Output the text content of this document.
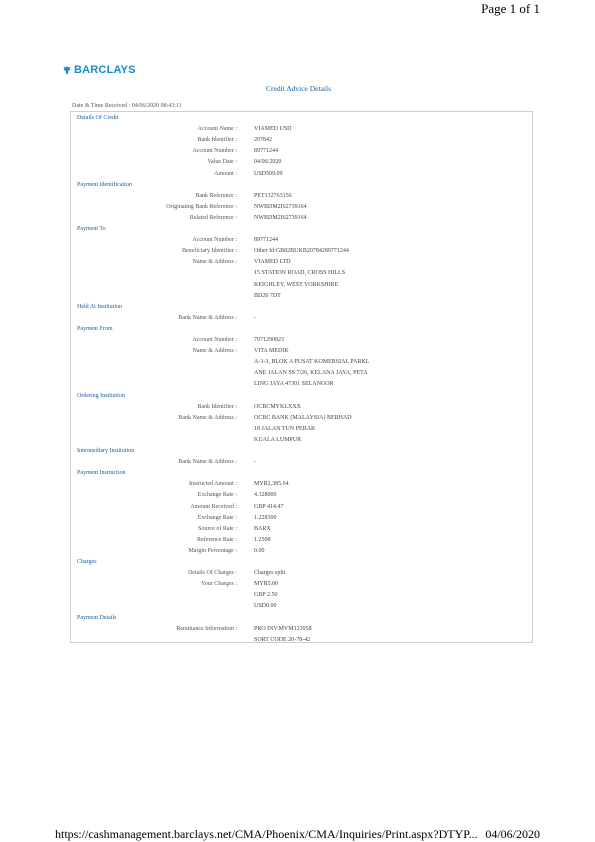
Page 1 of 1
BARCLAYS
Credit Advice Details
Date & Time Received : 04/06/2020 08:43:11
Details Of Credit
Account Name :	VIAMED USD
Bank Identifier :	207842
Account Number :	89771244
Value Date :	04/06/2020
Amount :	USD509.09
Payment Identification
Bank Reference :	PET132763156
Originating Bank Reference :	NWBDM2I62739164
Related Reference :	NWBDM2I62739164
Payment To
Account Number :	89771244
Beneficiary Identifier :	Other Id:GB82BUKB20784289771244
Name & Address :	VIAMED LTD
15 STATION ROAD, CROSS HILLS
KEIGHLEY, WEST YORKSHIRE
BD20 7DT
Held At Institution
Bank Name & Address :	-
Payment From
Account Number :	7071290823
Name & Address :	VITA MEDIK
A-3-3, BLOK A PUSAT KOMERSIAL PARKL
ANE JALAN SS 7/26, KELANA JAYA, PETA
LING JAYA 47301 SELANGOR
Ordering Institution
Bank Identifier :	OCBCMYKLXXX
Bank Name & Address :	OCBC BANK (MALAYSIA) BERHAD
18 JALAN TUN PERAK
KUALA LUMPUR
Intermediary Institution
Bank Name & Address :	-
Payment Instruction
Instructed Amount :	MYR2,385.64
Exchange Rate :	4.328000
Amount Received :	GBP 414.47
Exchange Rate :	1.228300
Source of Rate :	BARX
Reference Rate :	1.2508
Margin Percentage :	0.00
Charges
Details Of Charges :	Charges split
Your Charges :	MYR5.00
GBP 2.50
USD0.00
Payment Details
Remittance Information :	PRO INV.MVM123958
SORT CODE 20-78-42
https://cashmanagement.barclays.net/CMA/Phoenix/CMA/Inquiries/Print.aspx?DTYP... 04/06/2020
